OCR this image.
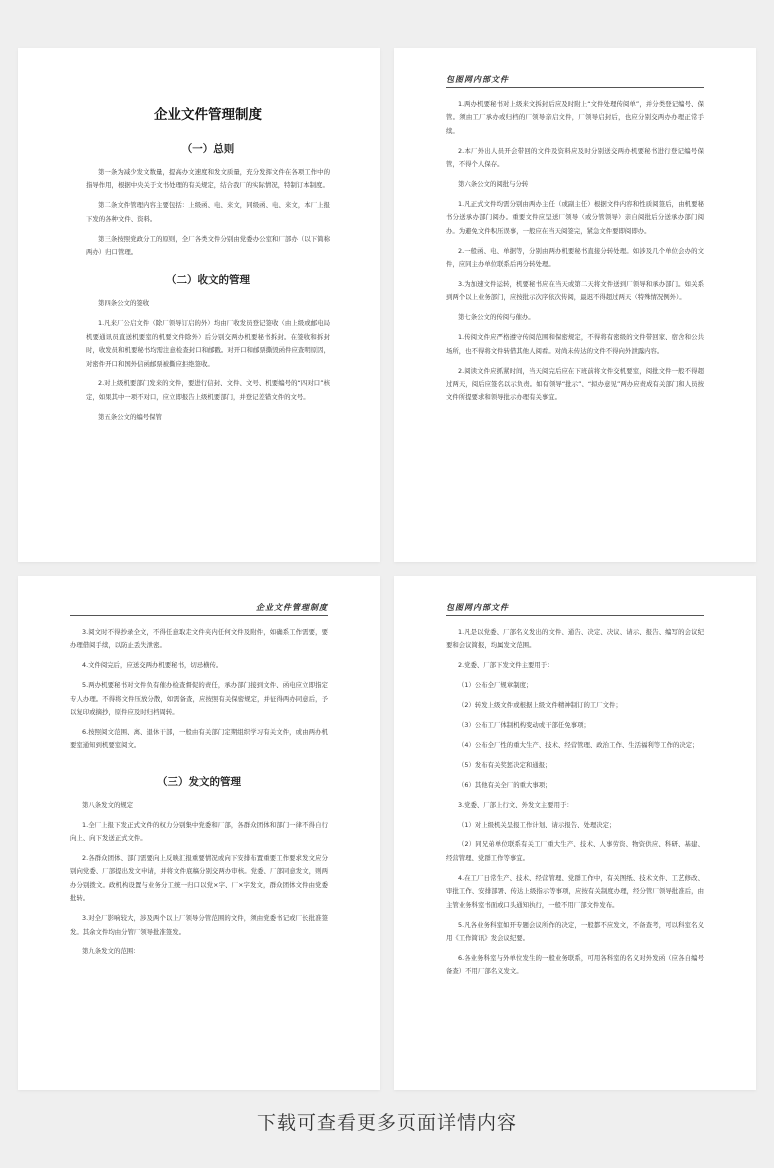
企业文件管理制度
（一）总则

第一条为减少发文数量，提高办文速度和发文质量，充分发挥文件在各项工作中的指导作用，根据中央关于文书处理的有关规定，结合我厂的实际情况，特制订本制度。

第二条文件管理内容主要包括：上级函、电、来文，同级函、电、来文，本厂上报下发的各种文件、资料。

第三条按照党政分工的原则，全厂各类文件分别由党委办公室和厂部办（以下简称两办）归口管理。

（二）收文的管理

第四条公文的签收

1.凡来厂公启文件（除厂领导订启的外）均由厂收发员登记签收（由上级或邮电局机要通讯员直送机要室的机要文件除外）后分别交两办机要秘书拆封。在签收和拆封时，收发员和机要秘书均需注意检查封口和邮戳。对开口和邮票撕毁函件应查明原因，对密件开口和国外信函邮票被撕应拒绝签收。

2.对上级机要部门发来的文件，要进行信封、文件、文号、机要编号的“四对口”核定，如果其中一项不对口，应立即报告上级机要部门，并登记差错文件的文号。

第五条公文的编号保管

包图网内部文件

1.两办机要秘书对上级来文拆封后应及时附上“文件处理传阅单”，并分类登记编号、保管。须由工厂承办或归档的厂领导亲启文件，厂领导启封后，也应分别交两办办理正常手续。

2.本厂外出人员开会带回的文件及资料应及时分别送交两办机要秘书进行登记编号保管，不得个人保存。

第六条公文的阅批与分转

1.凡正式文件均需分别由两办主任（或副主任）根据文件内容和性质阅签后，由机要秘书分送承办部门阅办。重要文件应呈送厂领导（或分管领导）亲自阅批后分送承办部门阅办。为避免文件积压误事，一般应在当天阅签完，紧急文件要即阅即办。

2.一般函、电、单据等，分别由两办机要秘书直接分转处理。如涉及几个单位会办的文件，应同主办单位联系后再分转处理。

3.为加速文件运转，机要秘书应在当天或第二天将文件送到厂领导和承办部门。如关系到两个以上业务部门，应按批示次序依次传阅，最迟不得超过两天（特殊情况例外）。

第七条公文的传阅与催办。

1.传阅文件应严格遵守传阅范围和保密规定，不得将有密级的文件带回家、宿舍和公共场所，也不得将文件转借其他人阅看。对尚未传达的文件不得向外泄露内容。

2.阅读文件应抓紧时间，当天阅完后应在下班前将文件交机要室，阅批文件一般不得超过两天，阅后应签名以示负责。如有领导“批示”、“拟办意见”两办应责成有关部门和人员按文件所提要求和领导批示办理有关事宜。

企业文件管理制度

3.阅文时不得抄录全文，不得任意取走文件夹内任何文件及附件，如确系工作需要，要办理借阅手续，以防止丢失泄密。

4.文件阅完后，应送交两办机要秘书，切忌横传。

5.两办机要秘书对文件负有催办检查督促的责任，承办部门接到文件、函电应立即指定专人办理。不得将文件压放分散，如需备查，应按照有关保密规定，并征得两办同意后，予以复印或摘抄，原件应及时归档周转。

6.按照阅文范围、离、退休干部，一般由有关部门定期组织学习有关文件，或由两办机要室通知到机要室阅文。

（三）发文的管理

第八条发文的规定

1.全厂上报下发正式文件的权力分别集中党委和厂部，各群众团体和部门一律不得自行向上、向下发送正式文件。

2.各群众团体、部门需要向上反映汇报重要情况或向下安排布置重要工作要求发文应分别向党委、厂部提出发文申请，并将文件底稿分别交两办审核。党委、厂部同意发文，则两办分别拨文。政机构设置与业务分工统一归口以党×字、厂×字发文，群众团体文件由党委批转。

3.对全厂影响较大，涉及两个以上厂领导分管范围的文件，须由党委书记或厂长批准签发。其余文件均由分管厂领导批准签发。

第九条发文的范围：

包图网内部文件

1.凡是以党委、厂部名义发出的文件、通告、决定、决议、请示、报告、编写的会议纪要和会议简报，均属发文范围。

2.党委、厂部下发文件主要用于：

（1）公布全厂规章制度；

（2）转发上级文件或根据上级文件精神制订的工厂文件；

（3）公布工厂体制机构变动或干部任免事项；

（4）公布全厂性的重大生产、技术、经营管理、政治工作、生活福利等工作的决定；

（5）发布有关奖惩决定和通报；

（6）其他有关全厂的重大事项；

3.党委、厂部上行文、外发文主要用于：

（1）对上级机关呈报工作计划、请示报告、处理决定；

（2）同兄弟单位联系有关工厂重大生产、技术、人事劳资、物资供应、科研、基建、经营管理、党群工作等事宜。

4.在工厂日常生产、技术、经营管理、党群工作中，有关图纸、技术文件、工艺修改、审批工作、安排部署、传达上级指示等事项，应按有关制度办理，经分管厂领导批准后，由主管业务科室书面或口头通知执行，一般不用厂部文件发布。

5.凡各业务科室如开专题会议所作的决定，一般都不应发文，不备查考，可以科室名义用《工作简讯》发会议纪要。

6.各业务科室与外单位发生的一般业务联系，可用各科室的名义对外发函（应各自编号备查）不用厂部名义发文。

下载可查看更多页面详情内容
